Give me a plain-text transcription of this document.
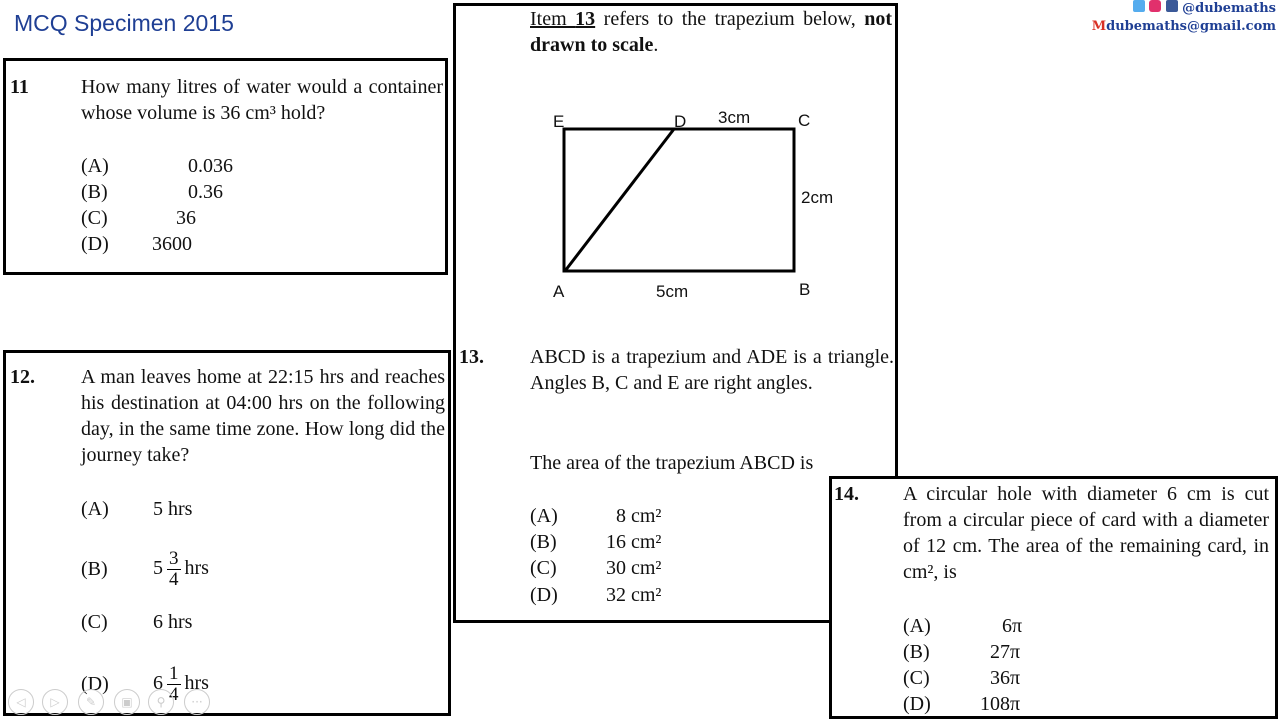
MCQ Specimen 2015
@dubemaths
Mdubemaths@gmail.com
11	How many litres of water would a container whose volume is 36 cm³ hold?
(A)	0.036
(B)	0.36
(C)	36
(D) 3600
12. A man leaves home at 22:15 hrs and reaches his destination at 04:00 hrs on the following day, in the same time zone. How long did the journey take?
(A) 5 hrs
(B) $5 \frac{3}{4}$ hrs
(C) 6 hrs
(D) $6 \frac{1}{4}$ hrs
Item 13 refers to the trapezium below, not drawn to scale.
E	D 3cm	C
2cm
A	5cm	B
13. ABCD is a trapezium and ADE is a triangle. Angles B, C and E are right angles.
The area of the trapezium ABCD is
(A)	8 cm²
(B) 16 cm²
(C) 30 cm²
(D) 32 cm²
14. A circular hole with diameter 6 cm is cut from a circular piece of card with a diameter of 12 cm. The area of the remaining card, in cm², is
(A)	6π
(B)	27π
(C)	36π
(D) 108π
◁	▷	✎	▣	⚲	···
